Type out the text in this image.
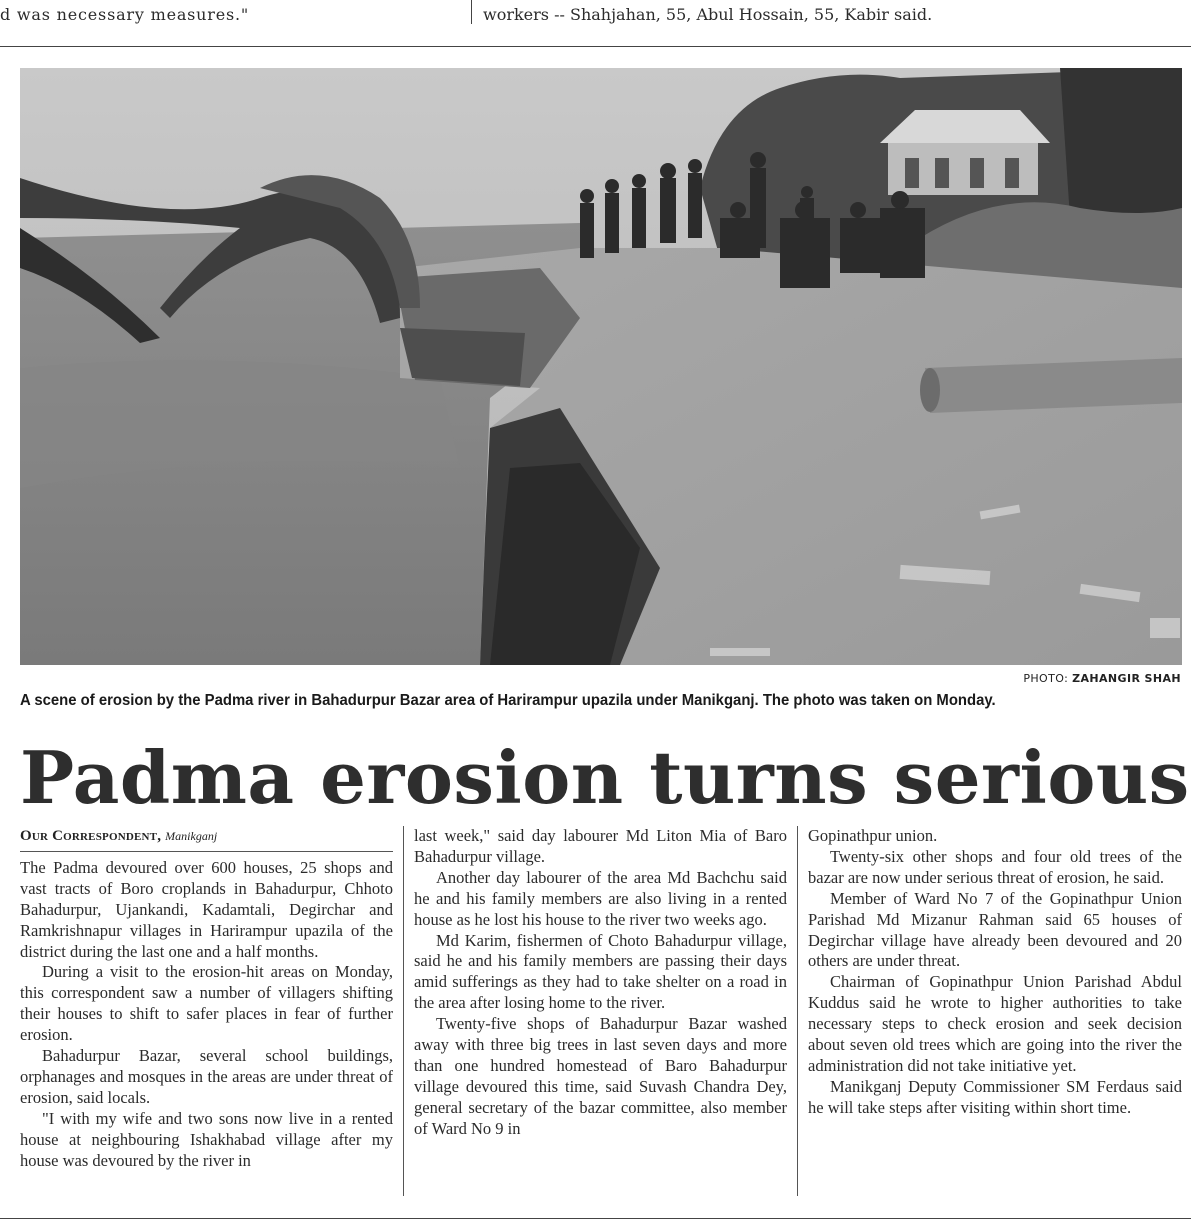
d was necessary measures."	workers -- Shahjahan, 55, Abul Hossain, 55, Kabir said.
PHOTO: ZAHANGIR SHAH
A scene of erosion by the Padma river in Bahadurpur Bazar area of Harirampur upazila under Manikganj. The photo was taken on Monday.
Padma erosion turns serious
Our Correspondent, Manikganj

The Padma devoured over 600 houses, 25 shops and vast tracts of Boro croplands in Bahadurpur, Chhoto Bahadurpur, Ujankandi, Kadamtali, Degirchar and Ramkrishnapur villages in Harirampur upazila of the district during the last one and a half months.

During a visit to the erosion-hit areas on Monday, this correspondent saw a number of villagers shifting their houses to shift to safer places in fear of further erosion.

Bahadurpur Bazar, several school buildings, orphanages and mosques in the areas are under threat of erosion, said locals.

"I with my wife and two sons now live in a rented house at neighbouring Ishakhabad village after my house was devoured by the river in

last week," said day labourer Md Liton Mia of Baro Bahadurpur village.

Another day labourer of the area Md Bachchu said he and his family members are also living in a rented house as he lost his house to the river two weeks ago.

Md Karim, fishermen of Choto Bahadurpur village, said he and his family members are passing their days amid sufferings as they had to take shelter on a road in the area after losing home to the river.

Twenty-five shops of Bahadurpur Bazar washed away with three big trees in last seven days and more than one hundred homestead of Baro Bahadurpur village devoured this time, said Suvash Chandra Dey, general secretary of the bazar committee, also member of Ward No 9 in

Gopinathpur union.

Twenty-six other shops and four old trees of the bazar are now under serious threat of erosion, he said.

Member of Ward No 7 of the Gopinathpur Union Parishad Md Mizanur Rahman said 65 houses of Degirchar village have already been devoured and 20 others are under threat.

Chairman of Gopinathpur Union Parishad Abdul Kuddus said he wrote to higher authorities to take necessary steps to check erosion and seek decision about seven old trees which are going into the river the administration did not take initiative yet.

Manikganj Deputy Commissioner SM Ferdaus said he will take steps after visiting within short time.
